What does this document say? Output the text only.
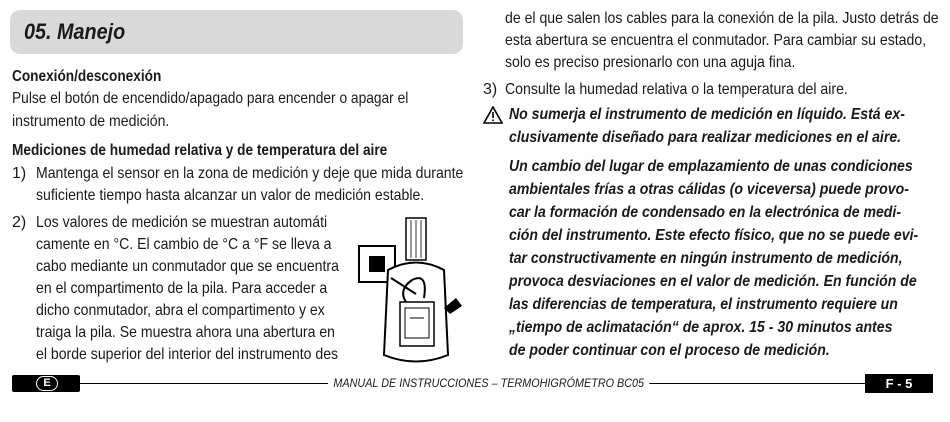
05. Manejo
Conexión/desconexión
Pulse el botón de encendido/apagado para encender o apagar el
instrumento de medición.
Mediciones de humedad relativa y de temperatura del aire
1) Mantenga el sensor en la zona de medición y deje que mida durante
suficiente tiempo hasta alcanzar un valor de medición estable.
2) Los valores de medición se muestran automáti
camente en °C. El cambio de °C a °F se lleva a
cabo mediante un conmutador que se encuentra
en el compartimento de la pila. Para acceder a
dicho conmutador, abra el compartimento y ex
traiga la pila. Se muestra ahora una abertura en
el borde superior del interior del instrumento des
de el que salen los cables para la conexión de la pila. Justo detrás de
esta abertura se encuentra el conmutador. Para cambiar su estado,
solo es preciso presionarlo con una aguja fina.
3) Consulte la humedad relativa o la temperatura del aire.
No sumerja el instrumento de medición en líquido. Está ex-
clusivamente diseñado para realizar mediciones en el aire.
Un cambio del lugar de emplazamiento de unas condiciones
ambientales frías a otras cálidas (o viceversa) puede provo-
car la formación de condensado en la electrónica de medi-
ción del instrumento. Este efecto físico, que no se puede evi-
tar constructivamente en ningún instrumento de medición,
provoca desviaciones en el valor de medición. En función de
las diferencias de temperatura, el instrumento requiere un
„tiempo de aclimatación“ de aprox. 15 - 30 minutos antes
de poder continuar con el proceso de medición.
E	MANUAL DE INSTRUCCIONES – TERMOHIGRÓMETRO BC05	F - 5
